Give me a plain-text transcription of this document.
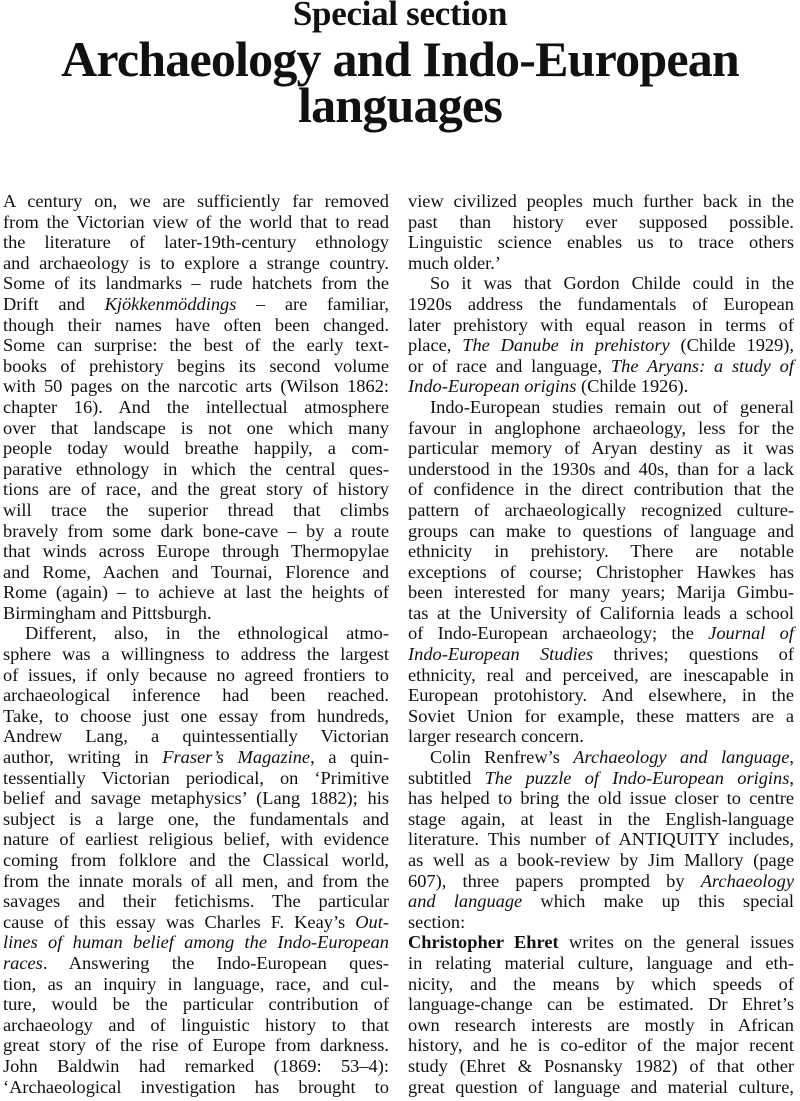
Special section
Archaeology and Indo-European
languages
A century on, we are sufficiently far removed
from the Victorian view of the world that to read
the literature of later-19th-century ethnology
and archaeology is to explore a strange country.
Some of its landmarks – rude hatchets from the
Drift and Kjökkenmöddings – are familiar,
though their names have often been changed.
Some can surprise: the best of the early text-
books of prehistory begins its second volume
with 50 pages on the narcotic arts (Wilson 1862:
chapter 16). And the intellectual atmosphere
over that landscape is not one which many
people today would breathe happily, a com-
parative ethnology in which the central ques-
tions are of race, and the great story of history
will trace the superior thread that climbs
bravely from some dark bone-cave – by a route
that winds across Europe through Thermopylae
and Rome, Aachen and Tournai, Florence and
Rome (again) – to achieve at last the heights of
Birmingham and Pittsburgh.
Different, also, in the ethnological atmo-
sphere was a willingness to address the largest
of issues, if only because no agreed frontiers to
archaeological inference had been reached.
Take, to choose just one essay from hundreds,
Andrew Lang, a quintessentially Victorian
author, writing in Fraser’s Magazine, a quin-
tessentially Victorian periodical, on ‘Primitive
belief and savage metaphysics’ (Lang 1882); his
subject is a large one, the fundamentals and
nature of earliest religious belief, with evidence
coming from folklore and the Classical world,
from the innate morals of all men, and from the
savages and their fetichisms. The particular
cause of this essay was Charles F. Keay’s Out-
lines of human belief among the Indo-European
races. Answering the Indo-European ques-
tion, as an inquiry in language, race, and cul-
ture, would be the particular contribution of
archaeology and of linguistic history to that
great story of the rise of Europe from darkness.
John Baldwin had remarked (1869: 53–4):
‘Archaeological investigation has brought to
view civilized peoples much further back in the
past than history ever supposed possible.
Linguistic science enables us to trace others
much older.’
So it was that Gordon Childe could in the
1920s address the fundamentals of European
later prehistory with equal reason in terms of
place, The Danube in prehistory (Childe 1929),
or of race and language, The Aryans: a study of
Indo-European origins (Childe 1926).
Indo-European studies remain out of general
favour in anglophone archaeology, less for the
particular memory of Aryan destiny as it was
understood in the 1930s and 40s, than for a lack
of confidence in the direct contribution that the
pattern of archaeologically recognized culture-
groups can make to questions of language and
ethnicity in prehistory. There are notable
exceptions of course; Christopher Hawkes has
been interested for many years; Marija Gimbu-
tas at the University of California leads a school
of Indo-European archaeology; the Journal of
Indo-European Studies thrives; questions of
ethnicity, real and perceived, are inescapable in
European protohistory. And elsewhere, in the
Soviet Union for example, these matters are a
larger research concern.
Colin Renfrew’s Archaeology and language,
subtitled The puzzle of Indo-European origins,
has helped to bring the old issue closer to centre
stage again, at least in the English-language
literature. This number of ANTIQUITY includes,
as well as a book-review by Jim Mallory (page
607), three papers prompted by Archaeology
and language which make up this special
section:
Christopher Ehret writes on the general issues
in relating material culture, language and eth-
nicity, and the means by which speeds of
language-change can be estimated. Dr Ehret’s
own research interests are mostly in African
history, and he is co-editor of the major recent
study (Ehret & Posnansky 1982) of that other
great question of language and material culture,
